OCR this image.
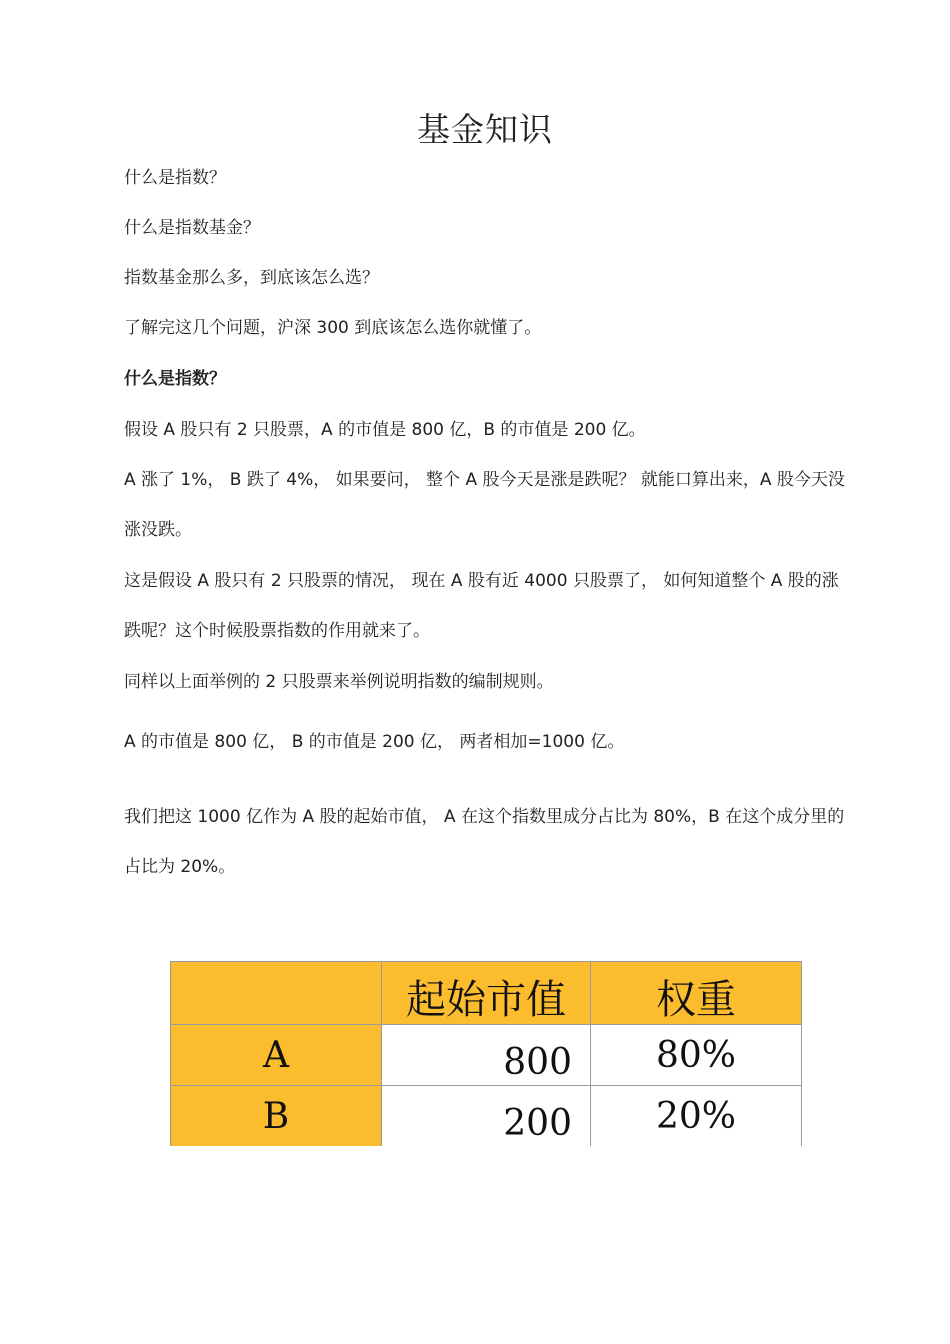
基金知识

什么是指数？

什么是指数基金？

指数基金那么多，到底该怎么选？

了解完这几个问题，沪深 300 到底该怎么选你就懂了。

什么是指数？

假设 A 股只有 2 只股票，A 的市值是 800 亿，B 的市值是 200 亿。

A 涨了 1%， B 跌了 4%， 如果要问， 整个 A 股今天是涨是跌呢？ 就能口算出来，A 股今天没涨没跌。

这是假设 A 股只有 2 只股票的情况， 现在 A 股有近 4000 只股票了， 如何知道整个 A 股的涨跌呢？这个时候股票指数的作用就来了。

同样以上面举例的 2 只股票来举例说明指数的编制规则。

A 的市值是 800 亿， B 的市值是 200 亿， 两者相加=1000 亿。

我们把这 1000 亿作为 A 股的起始市值， A 在这个指数里成分占比为 80%，B 在这个成分里的占比为 20%。

	起始市值	权重
A	800	80%
B	200	20%
